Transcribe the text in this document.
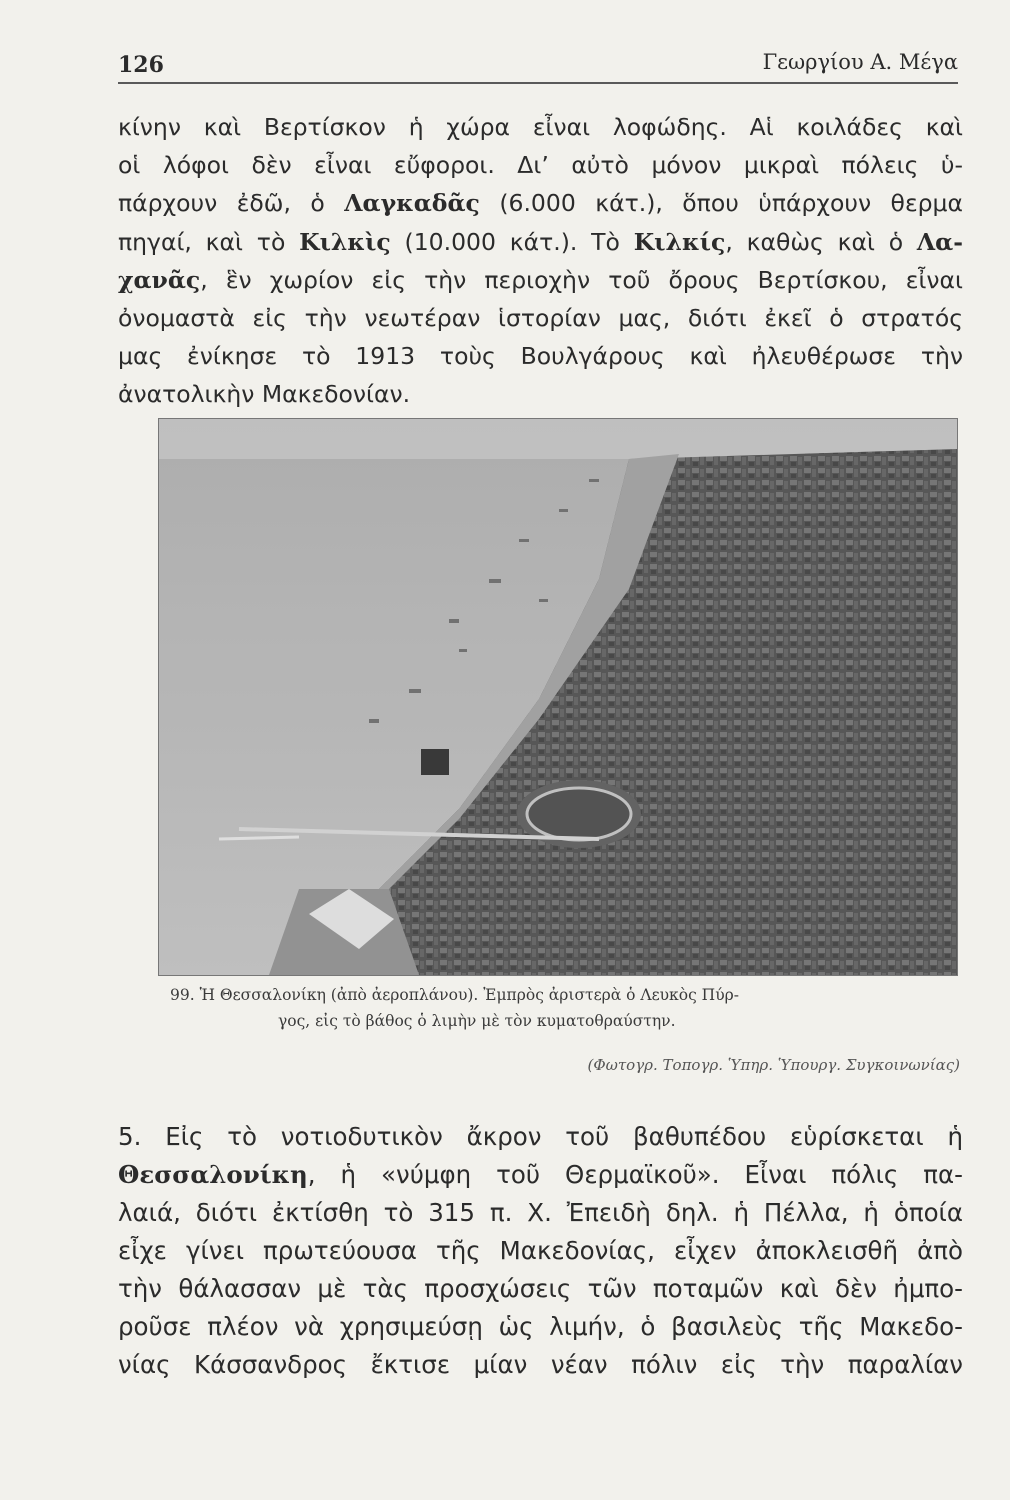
126	Γεωργίου Α. Μέγα
κίνην καὶ Βερτίσκον ἡ χώρα εἶναι λοφώδης. Αἱ κοιλάδες καὶ
οἱ λόφοι δὲν εἶναι εὔφοροι. Δι’ αὐτὸ μόνον μικραὶ πόλεις ὑ-
πάρχουν ἐδῶ, ὁ Λαγκαδᾶς (6.000 κάτ.), ὅπου ὑπάρχουν θερμα
πηγαί, καὶ τὸ Κιλκὶς (10.000 κάτ.). Τὸ Κιλκίς, καθὼς καὶ ὁ Λα-
χανᾶς, ἓν χωρίον εἰς τὴν περιοχὴν τοῦ ὄρους Βερτίσκου, εἶναι
ὀνομαστὰ εἰς τὴν νεωτέραν ἱστορίαν μας, διότι ἐκεῖ ὁ στρατός
μας ἐνίκησε τὸ 1913 τοὺς Βουλγάρους καὶ ἠλευθέρωσε τὴν
ἀνατολικὴν Μακεδονίαν.
99. Ἡ Θεσσαλονίκη (ἀπὸ ἀεροπλάνου). Ἐμπρὸς ἀριστερὰ ὁ Λευκὸς Πύρ-
γος, εἰς τὸ βάθος ὁ λιμὴν μὲ τὸν κυματοθραύστην.
(Φωτογρ. Τοπογρ. Ὑπηρ. Ὑπουργ. Συγκοινωνίας)
5. Εἰς τὸ νοτιοδυτικὸν ἄκρον τοῦ βαθυπέδου εὑρίσκεται ἡ
Θεσσαλονίκη, ἡ «νύμφη τοῦ Θερμαϊκοῦ». Εἶναι πόλις πα-
λαιά, διότι ἐκτίσθη τὸ 315 π. Χ. Ἐπειδὴ δηλ. ἡ Πέλλα, ἡ ὁποία
εἶχε γίνει πρωτεύουσα τῆς Μακεδονίας, εἶχεν ἀποκλεισθῆ ἀπὸ
τὴν θάλασσαν μὲ τὰς προσχώσεις τῶν ποταμῶν καὶ δὲν ἠμπο-
ροῦσε πλέον νὰ χρησιμεύσῃ ὡς λιμήν, ὁ βασιλεὺς τῆς Μακεδο-
νίας Κάσσανδρος ἔκτισε μίαν νέαν πόλιν εἰς τὴν παραλίαν
